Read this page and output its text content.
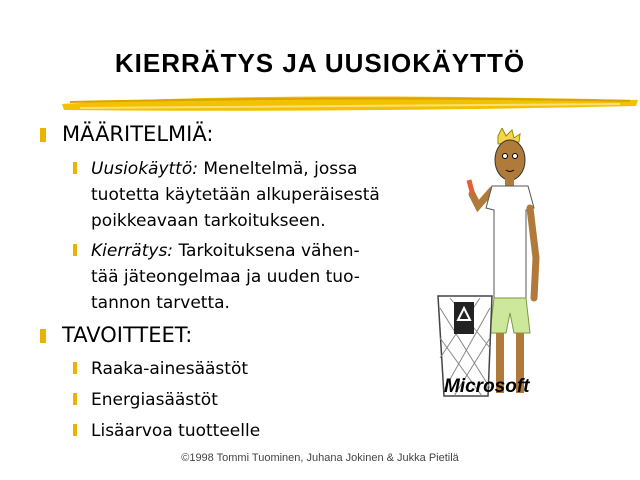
KIERRÄTYS JA UUSIOKÄYTTÖ
MÄÄRITELMIÄ:
Uusiokäyttö: Meneltelmä, jossa
tuotetta käytetään alkuperäisestä
poikkeavaan tarkoitukseen.
Kierrätys: Tarkoituksena vähen-
tää jäteongelmaa ja uuden tuo-
tannon tarvetta.
TAVOITTEET:
Raaka-ainesäästöt
Energiasäästöt
Lisäarvoa tuotteelle
Microsoft
©1998 Tommi Tuominen, Juhana Jokinen & Jukka Pietilä
